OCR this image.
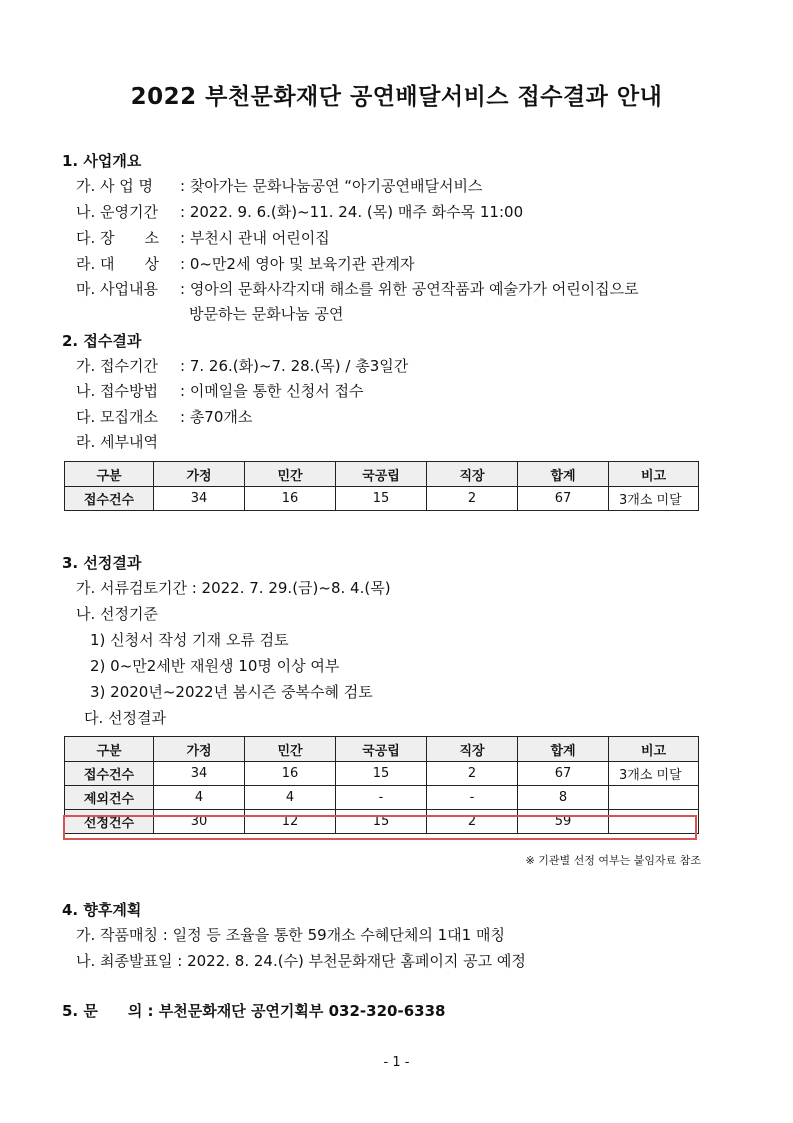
2022 부천문화재단 공연배달서비스 접수결과 안내
1. 사업개요
가. 사 업 명 : 찾아가는 문화나눔공연 “아기공연배달서비스
나. 운영기간 : 2022. 9. 6.(화)~11. 24. (목) 매주 화수목 11:00
다. 장　　소 : 부천시 관내 어린이집
라. 대　　상 : 0~만2세 영아 및 보육기관 관계자
마. 사업내용 : 영아의 문화사각지대 해소를 위한 공연작품과 예술가가 어린이집으로
방문하는 문화나눔 공연
2. 접수결과
가. 접수기간 : 7. 26.(화)~7. 28.(목) / 총3일간
나. 접수방법 : 이메일을 통한 신청서 접수
다. 모집개소 : 총70개소
라. 세부내역
구분	가정	민간	국공립	직장	합계	비고
접수건수	34	16	15	2	67	3개소 미달
3. 선정결과
가. 서류검토기간 : 2022. 7. 29.(금)~8. 4.(목)
나. 선정기준
1) 신청서 작성 기재 오류 검토
2) 0~만2세반 재원생 10명 이상 여부
3) 2020년~2022년 봄시즌 중복수혜 검토
다. 선정결과
구분	가정	민간	국공립	직장	합계	비고
접수건수	34	16	15	2	67	3개소 미달
제외건수	4	4	-	-	8	
선정건수	30	12	15	2	59	
※ 기관별 선정 여부는 붙임자료 참조
4. 향후계획
가. 작품매칭 : 일정 등 조율을 통한 59개소 수혜단체의 1대1 매칭
나. 최종발표일 : 2022. 8. 24.(수) 부천문화재단 홈페이지 공고 예정
5. 문　　의 : 부천문화재단 공연기획부 032-320-6338
- 1 -
